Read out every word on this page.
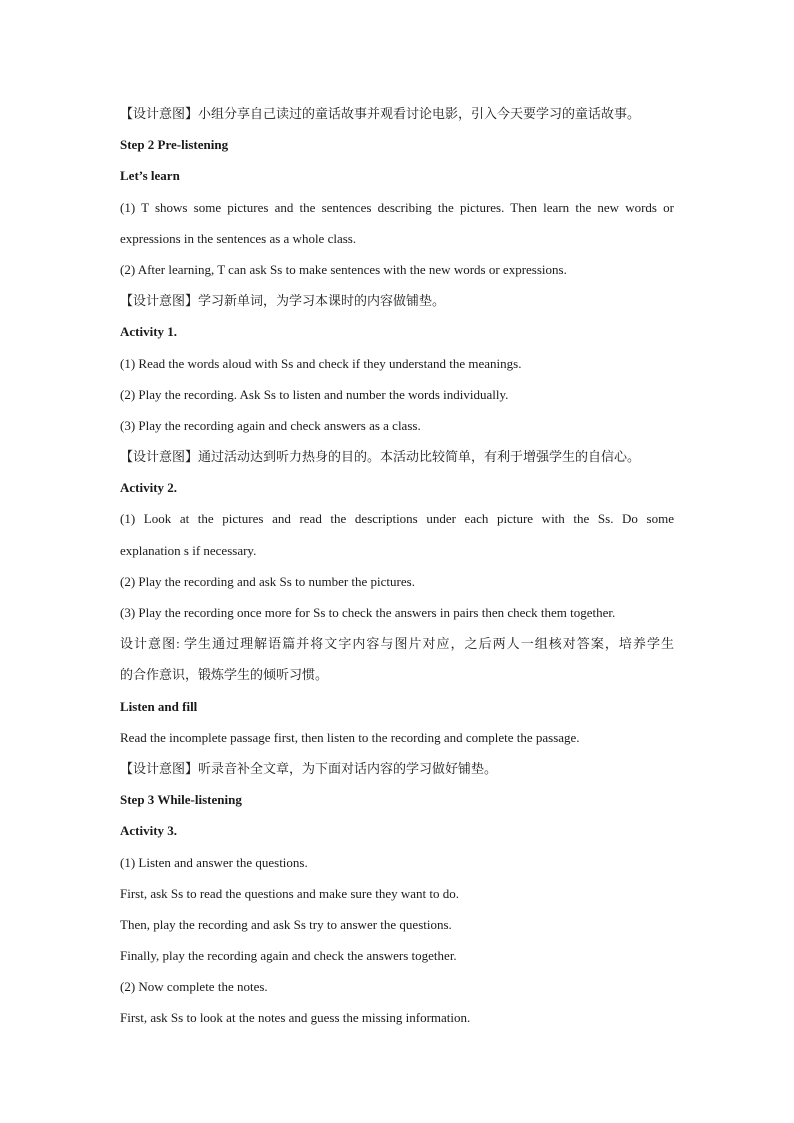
【设计意图】小组分享自己读过的童话故事并观看讨论电影，引入今天要学习的童话故事。
Step 2 Pre-listening
Let’s learn
(1) T shows some pictures and the sentences describing the pictures. Then learn the new words or
expressions in the sentences as a whole class.
(2) After learning, T can ask Ss to make sentences with the new words or expressions.
【设计意图】学习新单词，为学习本课时的内容做铺垫。
Activity 1.
(1) Read the words aloud with Ss and check if they understand the meanings.
(2) Play the recording. Ask Ss to listen and number the words individually.
(3) Play the recording again and check answers as a class.
【设计意图】通过活动达到听力热身的目的。本活动比较简单，有利于增强学生的自信心。
Activity 2.
(1) Look at the pictures and read the descriptions under each picture with the Ss. Do some
explanation s if necessary.
(2) Play the recording and ask Ss to number the pictures.
(3) Play the recording once more for Ss to check the answers in pairs then check them together.
设计意图: 学生通过理解语篇并将文字内容与图片对应，之后两人一组核对答案，培养学生
的合作意识，锻炼学生的倾听习惯。
Listen and fill
Read the incomplete passage first, then listen to the recording and complete the passage.
【设计意图】听录音补全文章，为下面对话内容的学习做好铺垫。
Step 3 While-listening
Activity 3.
(1) Listen and answer the questions.
First, ask Ss to read the questions and make sure they want to do.
Then, play the recording and ask Ss try to answer the questions.
Finally, play the recording again and check the answers together.
(2) Now complete the notes.
First, ask Ss to look at the notes and guess the missing information.
